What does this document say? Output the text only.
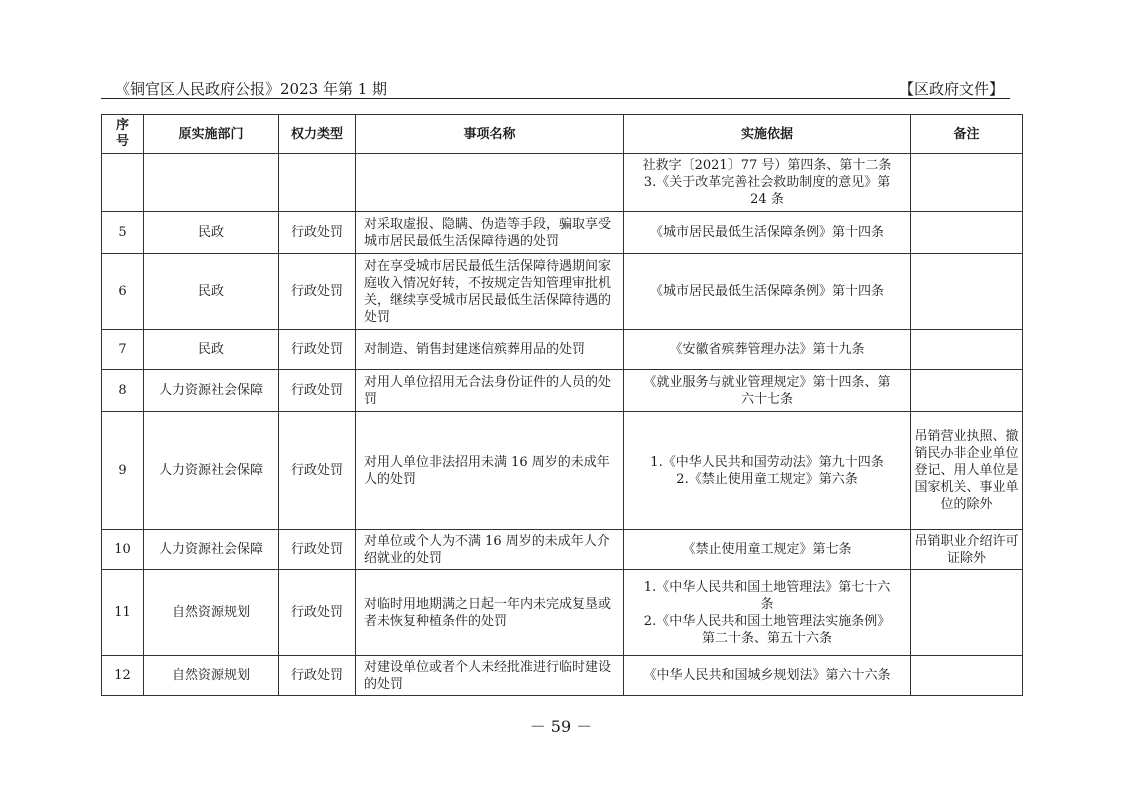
《铜官区人民政府公报》2023 年第 1 期	【区政府文件】
序号	原实施部门	权力类型	事项名称	实施依据	备注

				社救字〔2021〕77 号）第四条、第十二条
3.《关于改革完善社会救助制度的意见》第
24 条	

5	民政	行政处罚	对采取虚报、隐瞒、伪造等手段，骗取享受城市居民最低生活保障待遇的处罚	《城市居民最低生活保障条例》第十四条	

6	民政	行政处罚	对在享受城市居民最低生活保障待遇期间家庭收入情况好转，不按规定告知管理审批机关，继续享受城市居民最低生活保障待遇的处罚	《城市居民最低生活保障条例》第十四条	

7	民政	行政处罚	对制造、销售封建迷信殡葬用品的处罚	《安徽省殡葬管理办法》第十九条	

8	人力资源社会保障	行政处罚	对用人单位招用无合法身份证件的人员的处罚	《就业服务与就业管理规定》第十四条、第
六十七条	

9	人力资源社会保障	行政处罚	对用人单位非法招用未满 16 周岁的未成年人的处罚	1.《中华人民共和国劳动法》第九十四条
2.《禁止使用童工规定》第六条	吊销营业执照、撤销民办非企业单位登记、用人单位是国家机关、事业单位的除外
10	人力资源社会保障	行政处罚	对单位或个人为不满 16 周岁的未成年人介绍就业的处罚	《禁止使用童工规定》第七条	吊销职业介绍许可证除外
11	自然资源规划	行政处罚	对临时用地期满之日起一年内未完成复垦或者未恢复种植条件的处罚	1.《中华人民共和国土地管理法》第七十六
条
2.《中华人民共和国土地管理法实施条例》
第二十条、第五十六条	

12	自然资源规划	行政处罚	对建设单位或者个人未经批准进行临时建设的处罚	《中华人民共和国城乡规划法》第六十六条	

－ 59 －
